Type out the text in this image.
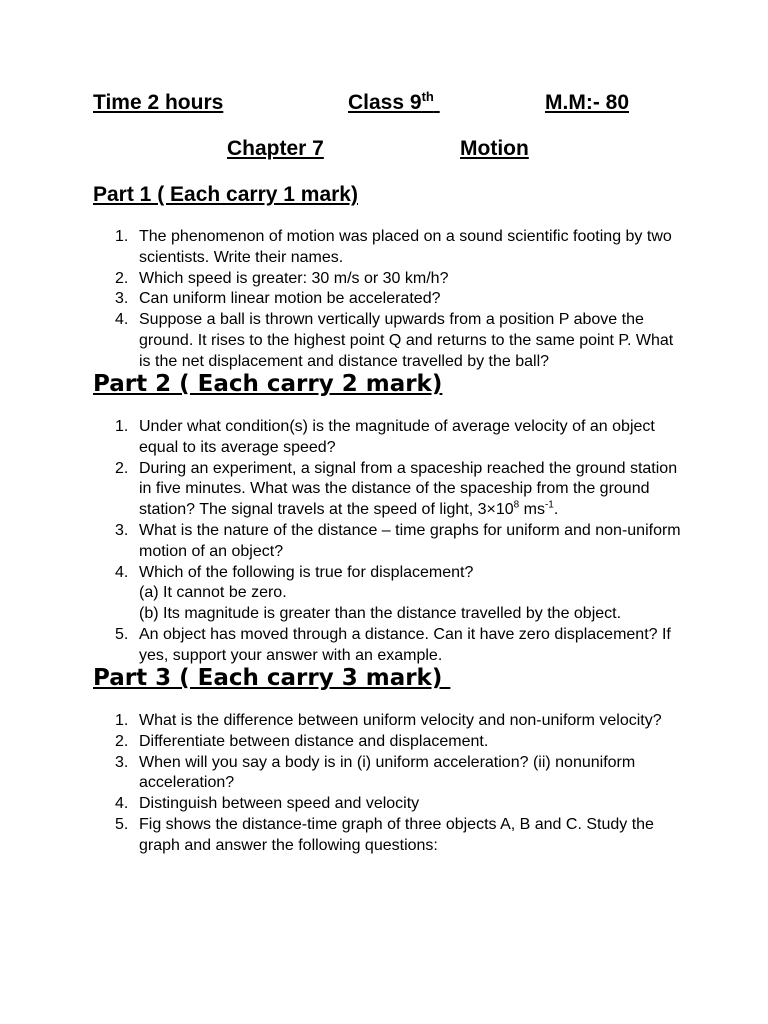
Time 2 hours	Class 9th	M.M:- 80
Chapter 7	Motion
Part 1 ( Each carry 1 mark)
1. The phenomenon of motion was placed on a sound scientific footing by two scientists. Write their names.
2. Which speed is greater: 30 m/s or 30 km/h?
3. Can uniform linear motion be accelerated?
4. Suppose a ball is thrown vertically upwards from a position P above the ground. It rises to the highest point Q and returns to the same point P. What is the net displacement and distance travelled by the ball?
Part 2 ( Each carry 2 mark)
1. Under what condition(s) is the magnitude of average velocity of an object equal to its average speed?
2. During an experiment, a signal from a spaceship reached the ground station in five minutes. What was the distance of the spaceship from the ground station? The signal travels at the speed of light, $3\times 10^8$ $ms^{-1}$.
3. What is the nature of the distance – time graphs for uniform and non-uniform motion of an object?
4. Which of the following is true for displacement?
(a) It cannot be zero.
(b) Its magnitude is greater than the distance travelled by the object.
5. An object has moved through a distance. Can it have zero displacement? If yes, support your answer with an example.
Part 3 ( Each carry 3 mark)
1. What is the difference between uniform velocity and non-uniform velocity?
2. Differentiate between distance and displacement.
3. When will you say a body is in (i) uniform acceleration? (ii) nonuniform acceleration?
4. Distinguish between speed and velocity
5. Fig shows the distance-time graph of three objects A, B and C. Study the graph and answer the following questions:
